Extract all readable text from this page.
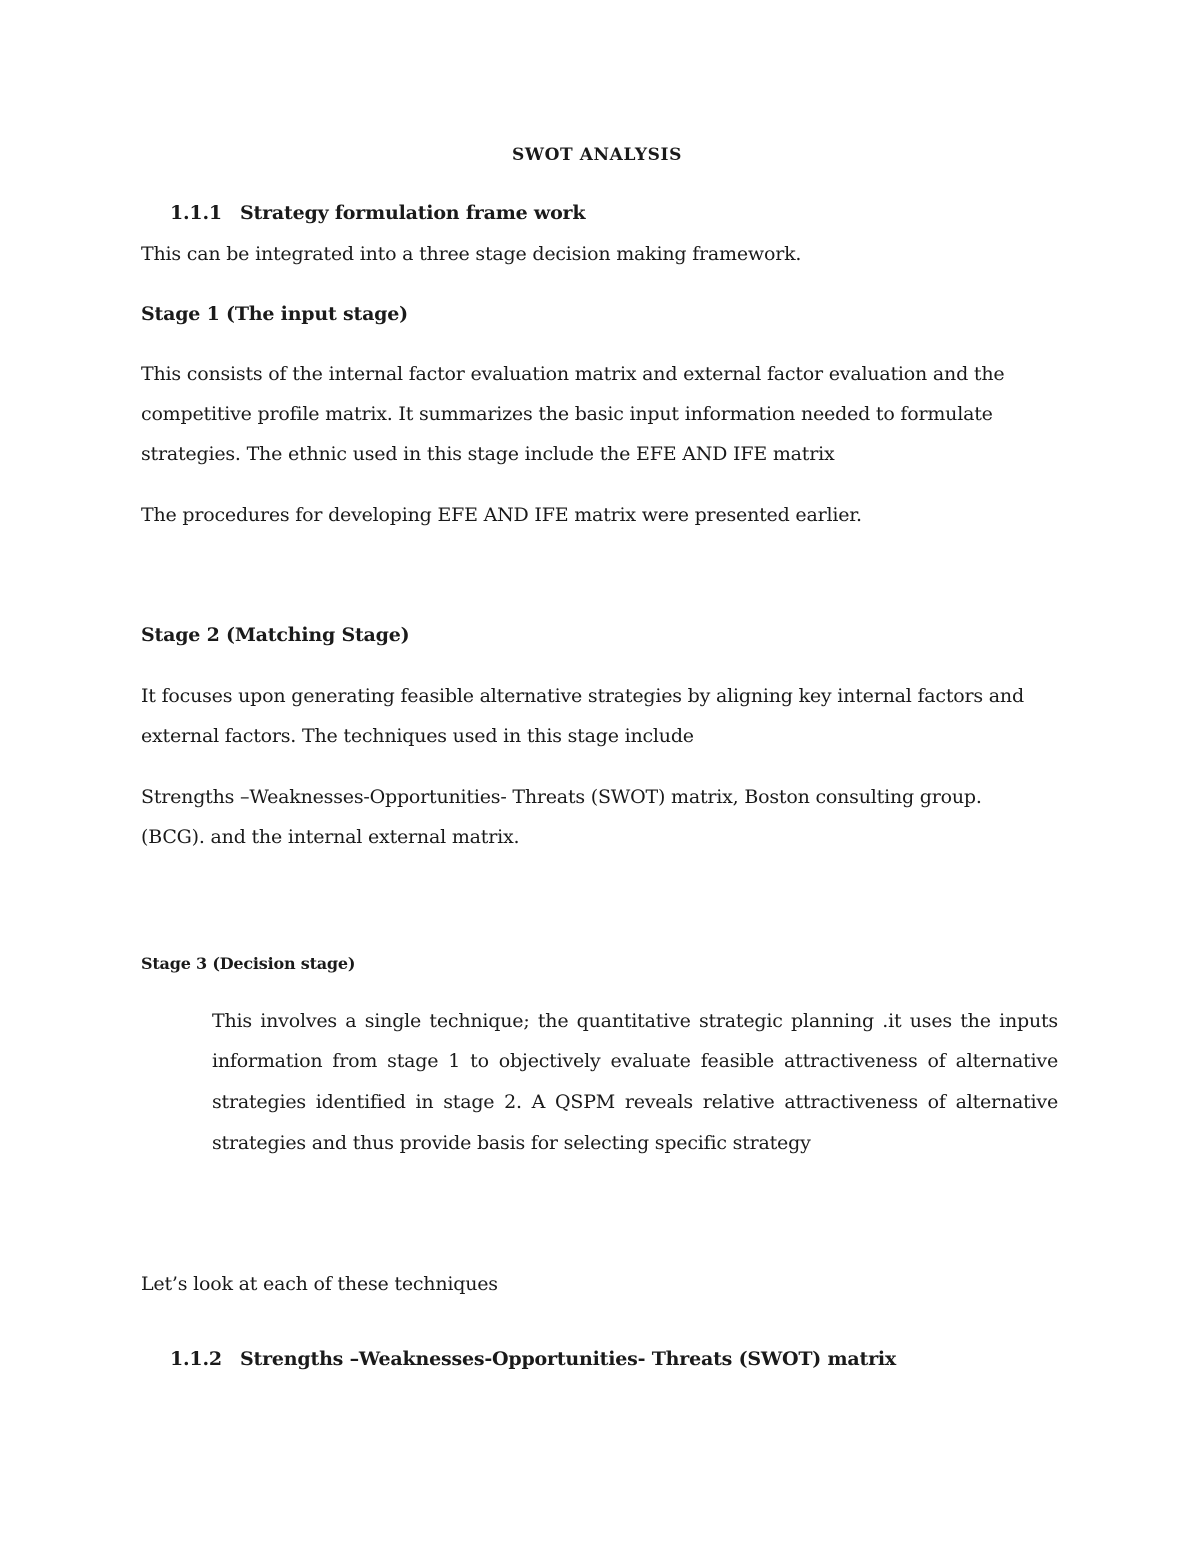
SWOT ANALYSIS
1.1.1 Strategy formulation frame work
This can be integrated into a three stage decision making framework.
Stage 1 (The input stage)
This consists of the internal factor evaluation matrix and external factor evaluation and the
competitive profile matrix. It summarizes the basic input information needed to formulate
strategies. The ethnic used in this stage include the EFE AND IFE matrix
The procedures for developing EFE AND IFE matrix were presented earlier.
Stage 2 (Matching Stage)
It focuses upon generating feasible alternative strategies by aligning key internal factors and
external factors. The techniques used in this stage include
Strengths –Weaknesses-Opportunities- Threats (SWOT) matrix, Boston consulting group.
(BCG). and the internal external matrix.
Stage 3 (Decision stage)
This involves a single technique; the quantitative strategic planning .it uses the inputs
information from stage 1 to objectively evaluate feasible attractiveness of alternative
strategies identified in stage 2. A QSPM reveals relative attractiveness of alternative
strategies and thus provide basis for selecting specific strategy
Let’s look at each of these techniques
1.1.2 Strengths –Weaknesses-Opportunities- Threats (SWOT) matrix
